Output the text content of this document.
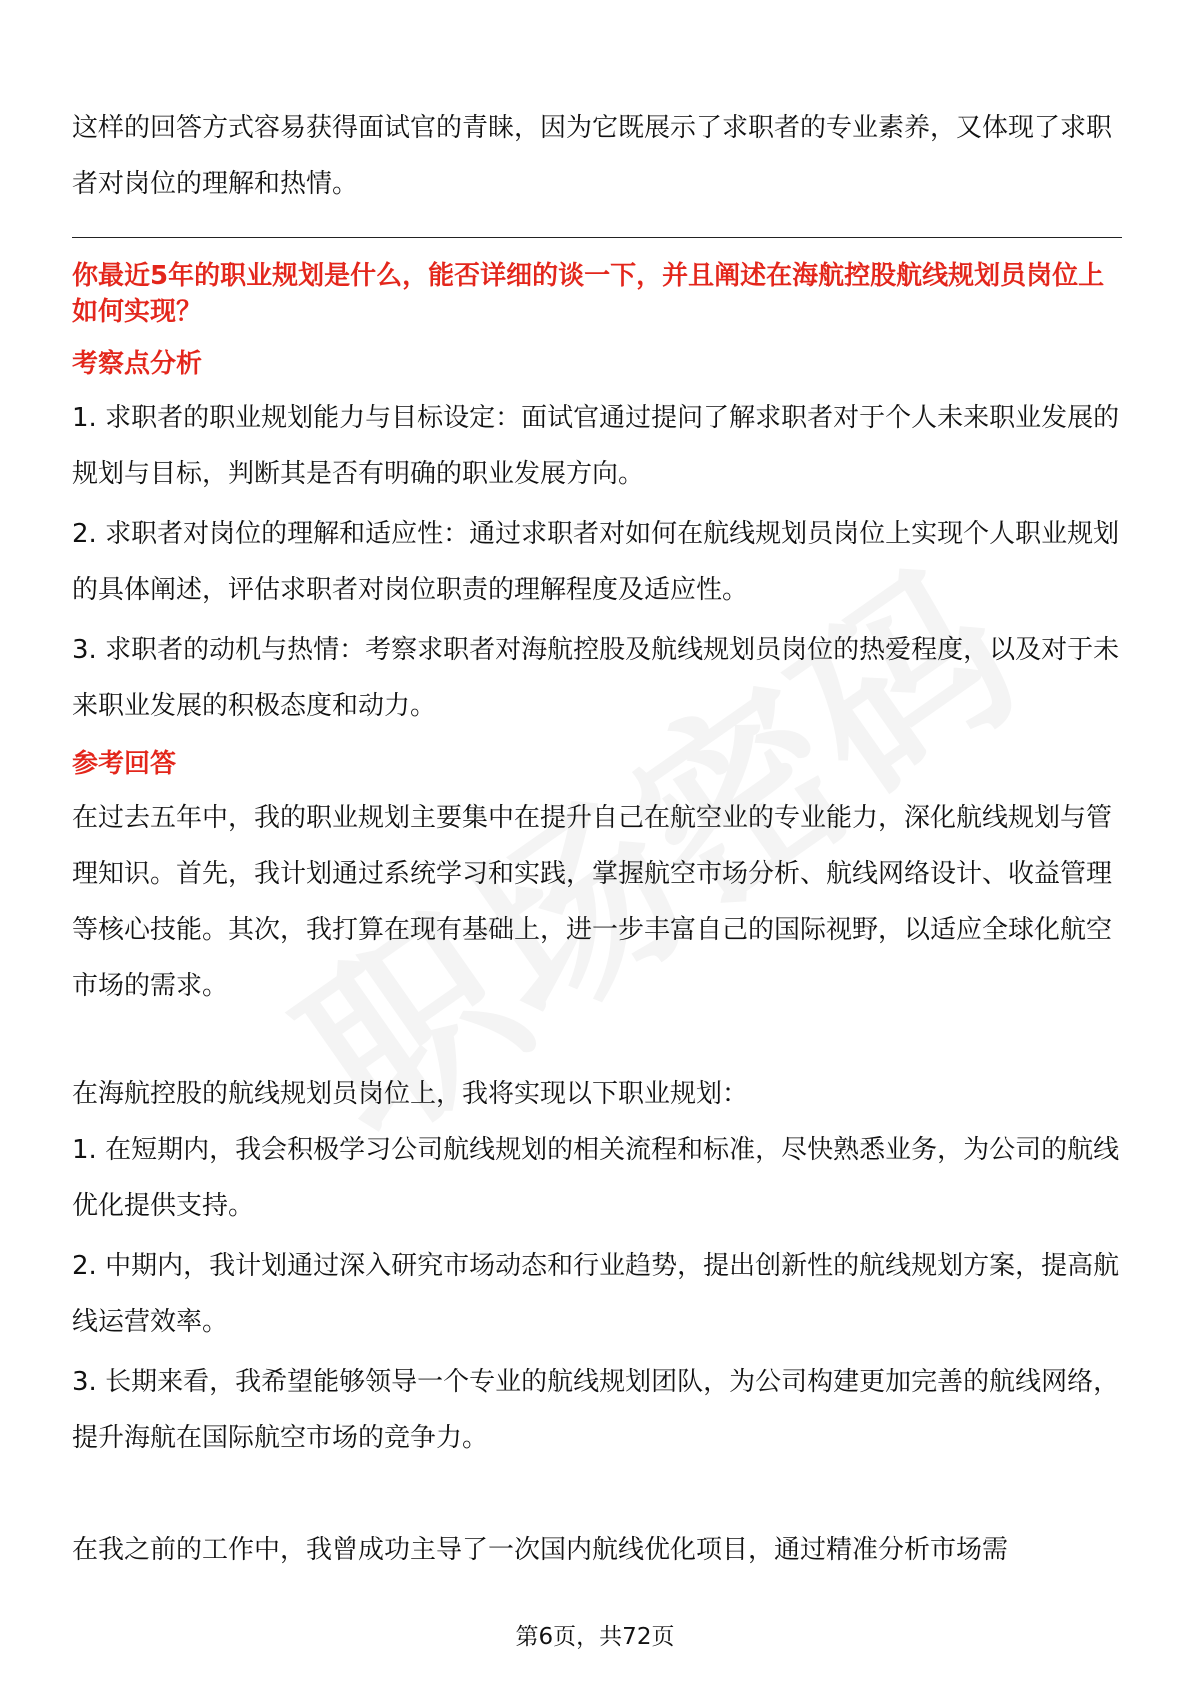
这样的回答方式容易获得面试官的青睐，因为它既展示了求职者的专业素养，又体现了求职者对岗位的理解和热情。

你最近5年的职业规划是什么，能否详细的谈一下，并且阐述在海航控股航线规划员岗位上如何实现？

考察点分析

1. 求职者的职业规划能力与目标设定：面试官通过提问了解求职者对于个人未来职业发展的规划与目标，判断其是否有明确的职业发展方向。

2. 求职者对岗位的理解和适应性：通过求职者对如何在航线规划员岗位上实现个人职业规划的具体阐述，评估求职者对岗位职责的理解程度及适应性。

3. 求职者的动机与热情：考察求职者对海航控股及航线规划员岗位的热爱程度，以及对于未来职业发展的积极态度和动力。

参考回答

在过去五年中，我的职业规划主要集中在提升自己在航空业的专业能力，深化航线规划与管理知识。首先，我计划通过系统学习和实践，掌握航空市场分析、航线网络设计、收益管理等核心技能。其次，我打算在现有基础上，进一步丰富自己的国际视野，以适应全球化航空市场的需求。

在海航控股的航线规划员岗位上，我将实现以下职业规划：

1. 在短期内，我会积极学习公司航线规划的相关流程和标准，尽快熟悉业务，为公司的航线优化提供支持。

2. 中期内，我计划通过深入研究市场动态和行业趋势，提出创新性的航线规划方案，提高航线运营效率。

3. 长期来看，我希望能够领导一个专业的航线规划团队，为公司构建更加完善的航线网络，提升海航在国际航空市场的竞争力。

在我之前的工作中，我曾成功主导了一次国内航线优化项目，通过精准分析市场需

第6页，共72页
